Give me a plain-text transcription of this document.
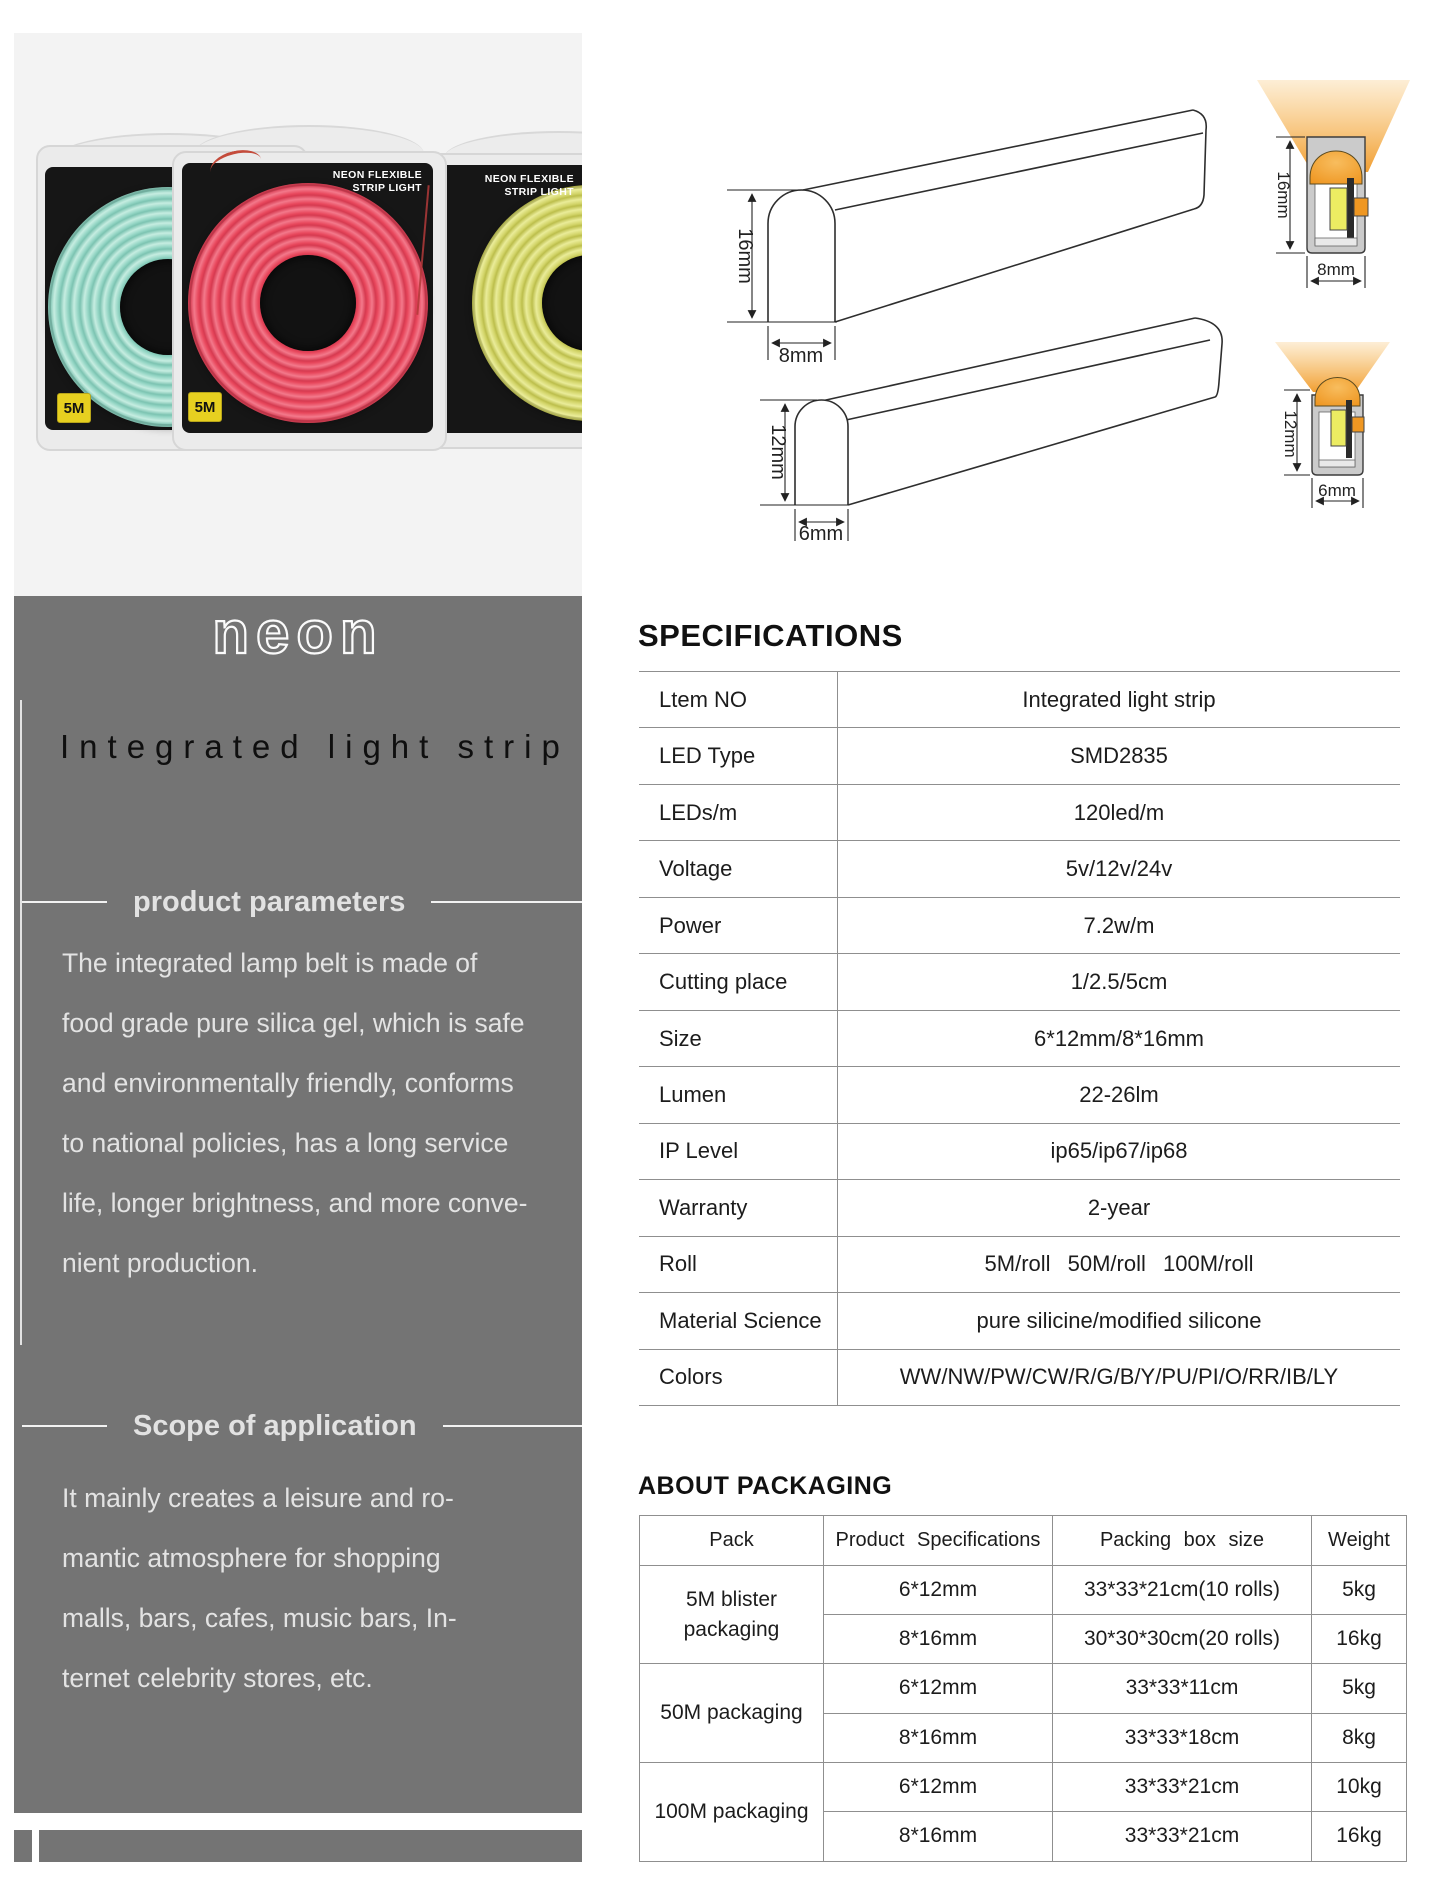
NEON FLEXIBLE
STRIP LIGHT
NEON FLEXIBLE
STRIP LIGHT
5M	5M
16mm
8mm
12mm
6mm
16mm
8mm
12mm
6mm
neon
Integrated light strip
product parameters
The integrated lamp belt is made of
food grade pure silica gel, which is safe
and environmentally friendly, conforms
to national policies, has a long service
life, longer brightness, and more conve-
nient production.
Scope of application
It mainly creates a leisure and ro-
mantic atmosphere for shopping
malls, bars, cafes, music bars, In-
ternet celebrity stores, etc.
SPECIFICATIONS
Ltem NO	Integrated light strip
LED Type	SMD2835
LEDs/m	120led/m
Voltage	5v/12v/24v
Power	7.2w/m
Cutting place	1/2.5/5cm
Size	6*12mm/8*16mm
Lumen	22-26lm
IP Level	ip65/ip67/ip68
Warranty	2-year
Roll	5M/roll  50M/roll  100M/roll
Material Science	pure silicine/modified silicone
Colors	WW/NW/PW/CW/R/G/B/Y/PU/PI/O/RR/IB/LY
ABOUT PACKAGING
Pack	Product Specifications	Packing box size	Weight
5M blister packaging
6*12mm	33*33*21cm(10 rolls)	5kg
8*16mm	30*30*30cm(20 rolls)	16kg
50M packaging
6*12mm	33*33*11cm	5kg
8*16mm	33*33*18cm	8kg
100M packaging
6*12mm	33*33*21cm	10kg
8*16mm	33*33*21cm	16kg
